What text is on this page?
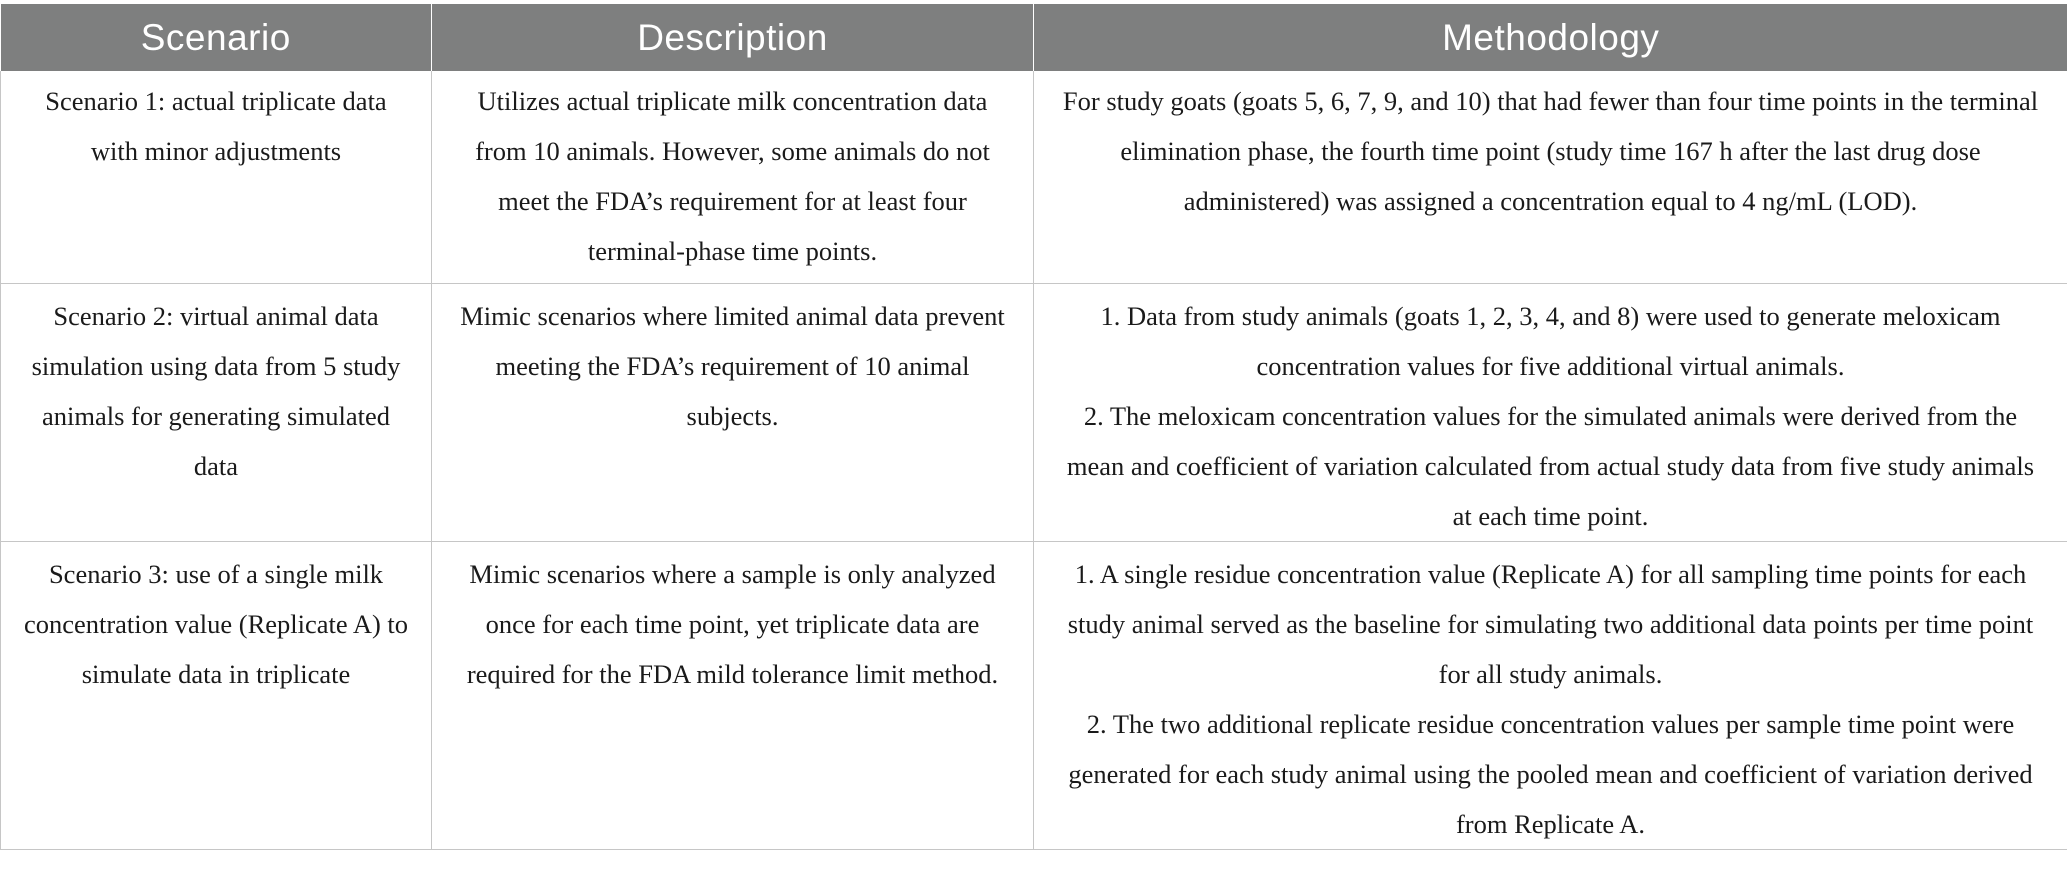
Scenario	Description	Methodology
Scenario 1: actual triplicate data with minor adjustments	Utilizes actual triplicate milk concentration data from 10 animals. However, some animals do not meet the FDA’s requirement for at least four terminal-phase time points.	For study goats (goats 5, 6, 7, 9, and 10) that had fewer than four time points in the terminal elimination phase, the fourth time point (study time 167 h after the last drug dose administered) was assigned a concentration equal to 4 ng/mL (LOD).

Scenario 2: virtual animal data simulation using data from 5 study animals for generating simulated data	Mimic scenarios where limited animal data prevent meeting the FDA’s requirement of 10 animal subjects.	1. Data from study animals (goats 1, 2, 3, 4, and 8) were used to generate meloxicam concentration values for five additional virtual animals.
2. The meloxicam concentration values for the simulated animals were derived from the mean and coefficient of variation calculated from actual study data from five study animals at each time point.

Scenario 3: use of a single milk concentration value (Replicate A) to simulate data in triplicate	Mimic scenarios where a sample is only analyzed once for each time point, yet triplicate data are required for the FDA mild tolerance limit method.	1. A single residue concentration value (Replicate A) for all sampling time points for each study animal served as the baseline for simulating two additional data points per time point for all study animals.
2. The two additional replicate residue concentration values per sample time point were generated for each study animal using the pooled mean and coefficient of variation derived from Replicate A.
